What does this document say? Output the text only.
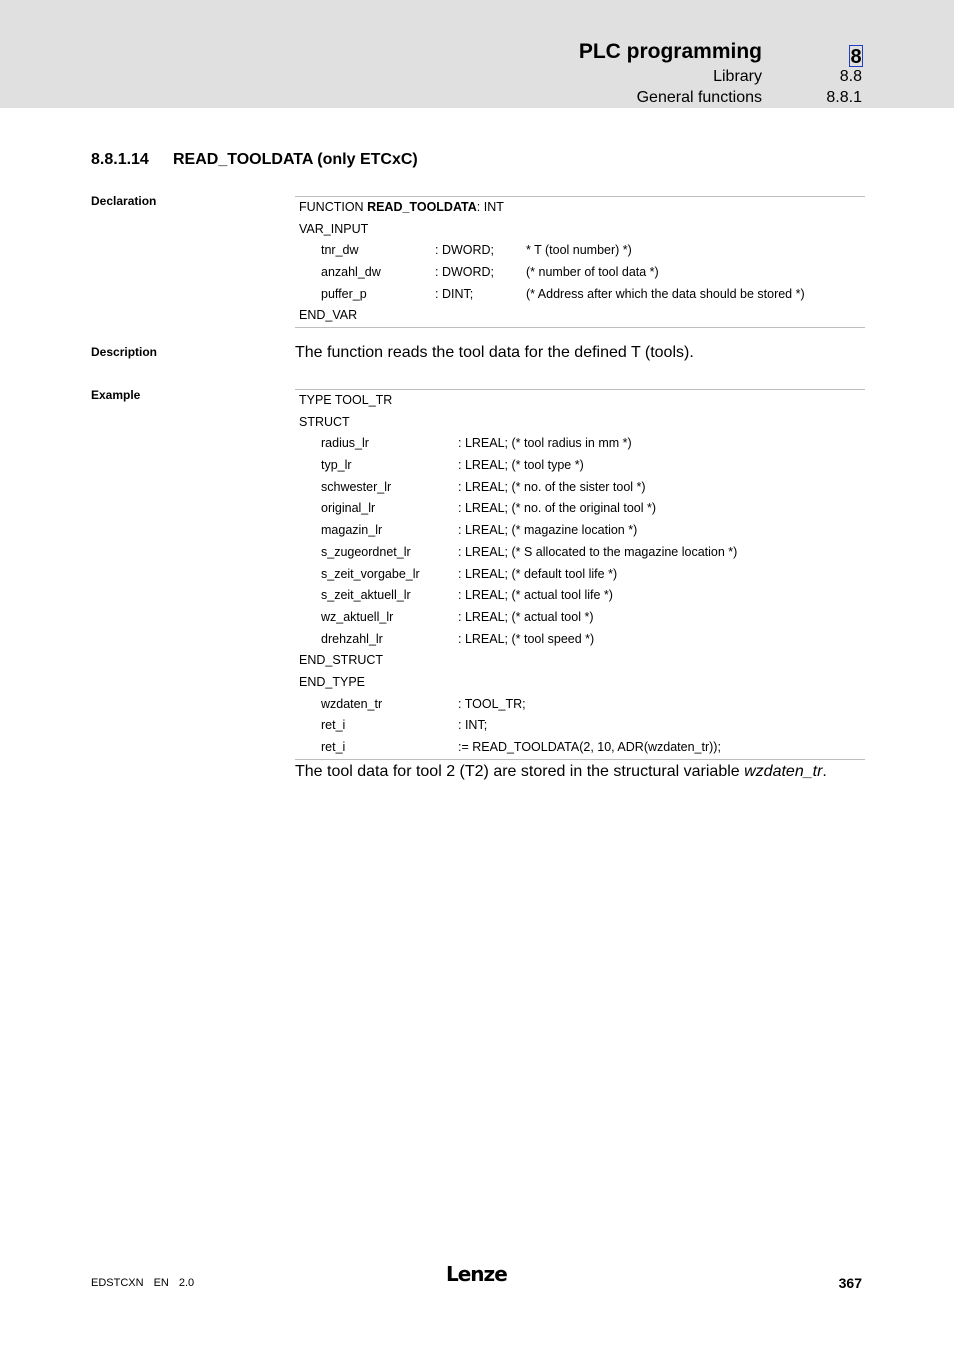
PLC programming	8
Library	8.8
General functions	8.8.1
8.8.1.14 READ_TOOLDATA (only ETCxC)
Declaration
Description
Example
FUNCTION READ_TOOLDATA: INT
VAR_INPUT
tnr_dw	: DWORD;	* T (tool number) *)
anzahl_dw	: DWORD;	(* number of tool data *)
puffer_p	: DINT;	(* Address after which the data should be stored *)
END_VAR
The function reads the tool data for the defined T (tools).
TYPE TOOL_TR
STRUCT
radius_lr	: LREAL; (* tool radius in mm *)
typ_lr	: LREAL; (* tool type *)
schwester_lr	: LREAL; (* no. of the sister tool *)
original_lr	: LREAL; (* no. of the original tool *)
magazin_lr	: LREAL; (* magazine location *)
s_zugeordnet_lr	: LREAL; (* S allocated to the magazine location *)
s_zeit_vorgabe_lr	: LREAL; (* default tool life *)
s_zeit_aktuell_lr	: LREAL; (* actual tool life *)
wz_aktuell_lr	: LREAL; (* actual tool *)
drehzahl_lr	: LREAL; (* tool speed *)
END_STRUCT
END_TYPE
wzdaten_tr	: TOOL_TR;
ret_i	: INT;
ret_i	:= READ_TOOLDATA(2, 10, ADR(wzdaten_tr));
The tool data for tool 2 (T2) are stored in the structural variable wzdaten_tr.
EDSTCXN EN 2.0	Lenze	367
